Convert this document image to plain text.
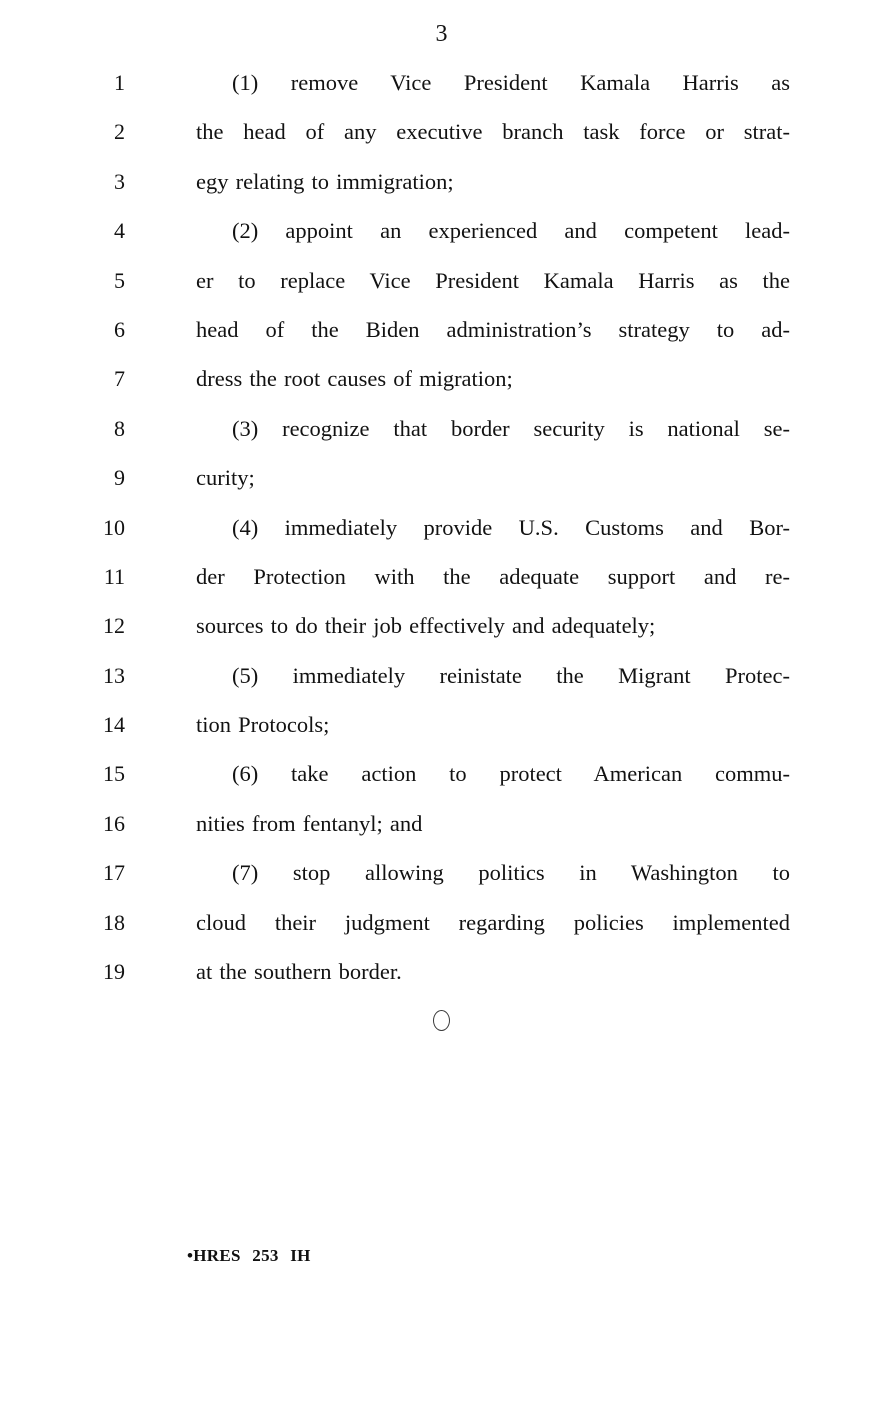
3
1	(1) remove Vice President Kamala Harris as
2	the head of any executive branch task force or strat-
3	egy relating to immigration;
4	(2) appoint an experienced and competent lead-
5	er to replace Vice President Kamala Harris as the
6	head of the Biden administration’s strategy to ad-
7	dress the root causes of migration;
8	(3) recognize that border security is national se-
9	curity;
10	(4) immediately provide U.S. Customs and Bor-
11	der Protection with the adequate support and re-
12	sources to do their job effectively and adequately;
13	(5) immediately reinistate the Migrant Protec-
14	tion Protocols;
15	(6) take action to protect American commu-
16	nities from fentanyl; and
17	(7) stop allowing politics in Washington to
18	cloud their judgment regarding policies implemented
19	at the southern border.
•HRES 253 IH
